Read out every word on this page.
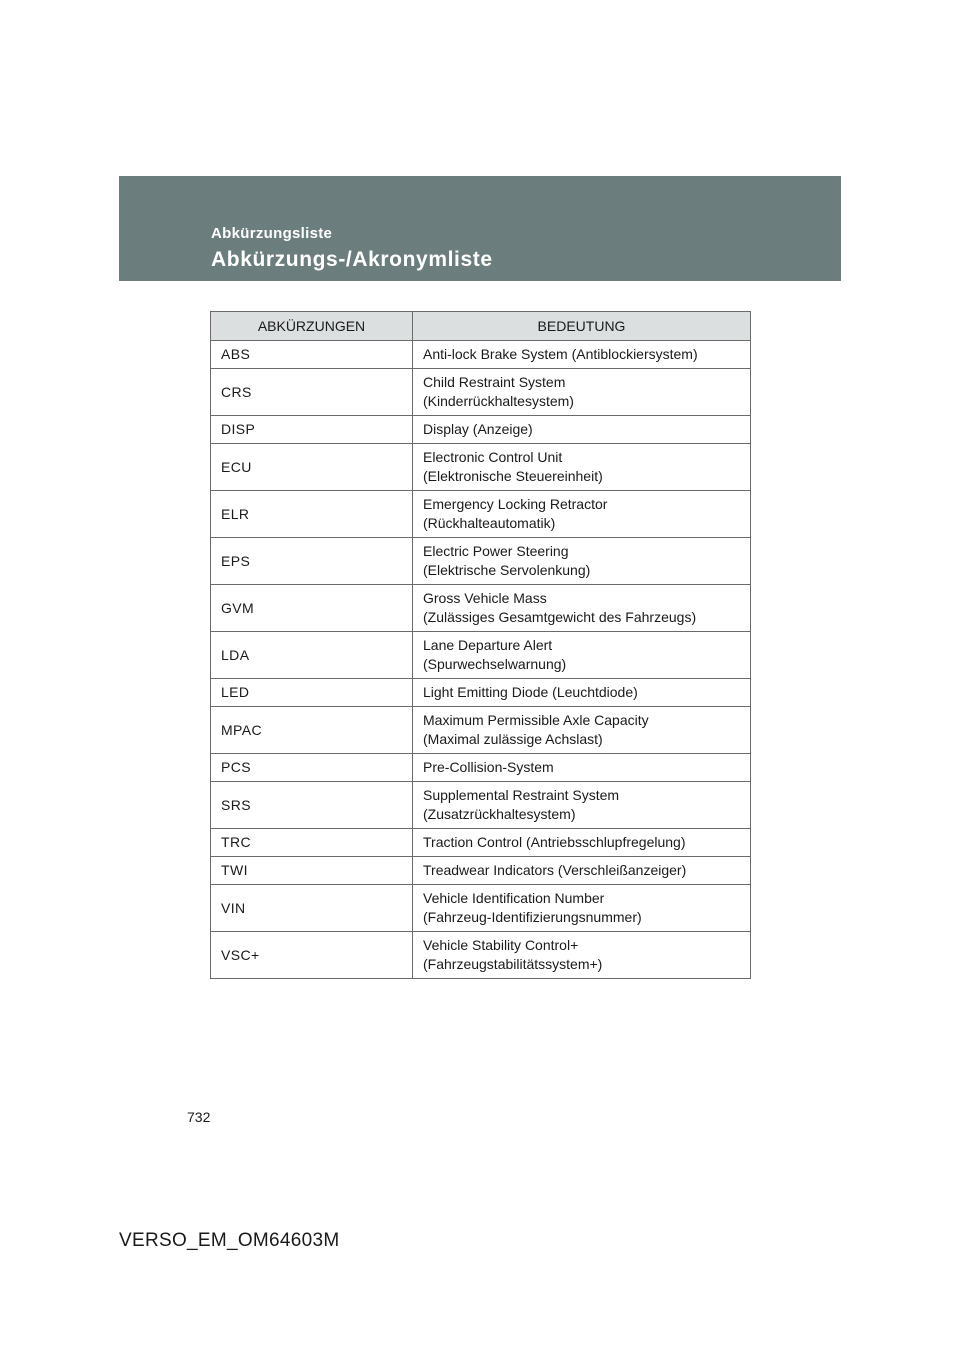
Abkürzungsliste
Abkürzungs-/Akronymliste
ABKÜRZUNGEN	BEDEUTUNG
ABS	Anti-lock Brake System (Antiblockiersystem)

CRS	Child Restraint System
(Kinderrückhaltesystem)

DISP	Display (Anzeige)

ECU	Electronic Control Unit
(Elektronische Steuereinheit)

ELR	Emergency Locking Retractor
(Rückhalteautomatik)

EPS	Electric Power Steering
(Elektrische Servolenkung)

GVM	Gross Vehicle Mass
(Zulässiges Gesamtgewicht des Fahrzeugs)

LDA	Lane Departure Alert
(Spurwechselwarnung)

LED	Light Emitting Diode (Leuchtdiode)

MPAC	Maximum Permissible Axle Capacity
(Maximal zulässige Achslast)

PCS	Pre-Collision-System

SRS	Supplemental Restraint System
(Zusatzrückhaltesystem)

TRC	Traction Control (Antriebsschlupfregelung)

TWI	Treadwear Indicators (Verschleißanzeiger)

VIN	Vehicle Identification Number
(Fahrzeug-Identifizierungsnummer)

VSC+	Vehicle Stability Control+
(Fahrzeugstabilitätssystem+)
732
VERSO_EM_OM64603M
